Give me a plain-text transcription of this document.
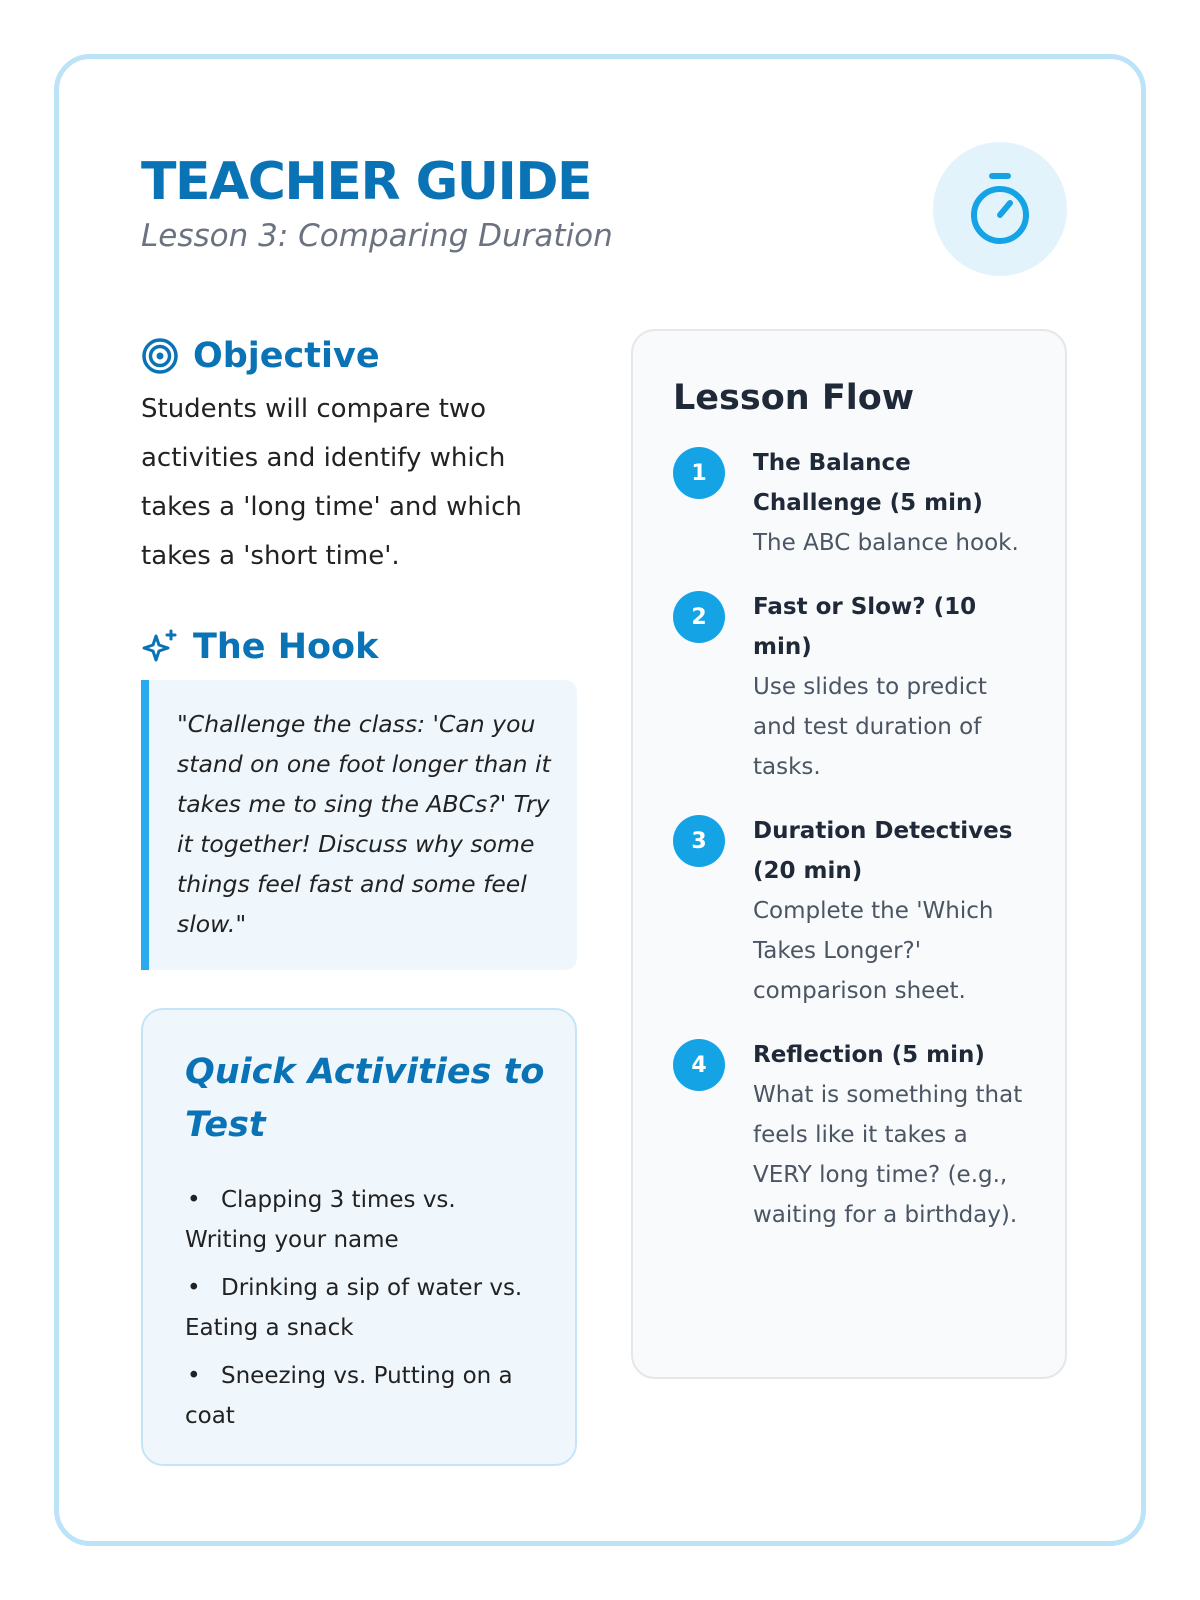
TEACHER GUIDE
Lesson 3: Comparing Duration
Objective

Students will compare two activities and identify which takes a 'long time' and which takes a 'short time'.

The Hook

"Challenge the class: 'Can you stand on one foot longer than it takes me to sing the ABCs?' Try it together! Discuss why some things feel fast and some feel slow."

Quick Activities to Test
• Clapping 3 times vs. Writing your name
• Drinking a sip of water vs. Eating a snack
• Sneezing vs. Putting on a coat
Lesson Flow
1	The Balance Challenge (5 min)
The ABC balance hook.
2	Fast or Slow? (10 min)
Use slides to predict and test duration of tasks.
3	Duration Detectives (20 min)
Complete the 'Which Takes Longer?' comparison sheet.
4	Reflection (5 min)
What is something that feels like it takes a VERY long time? (e.g., waiting for a birthday).
